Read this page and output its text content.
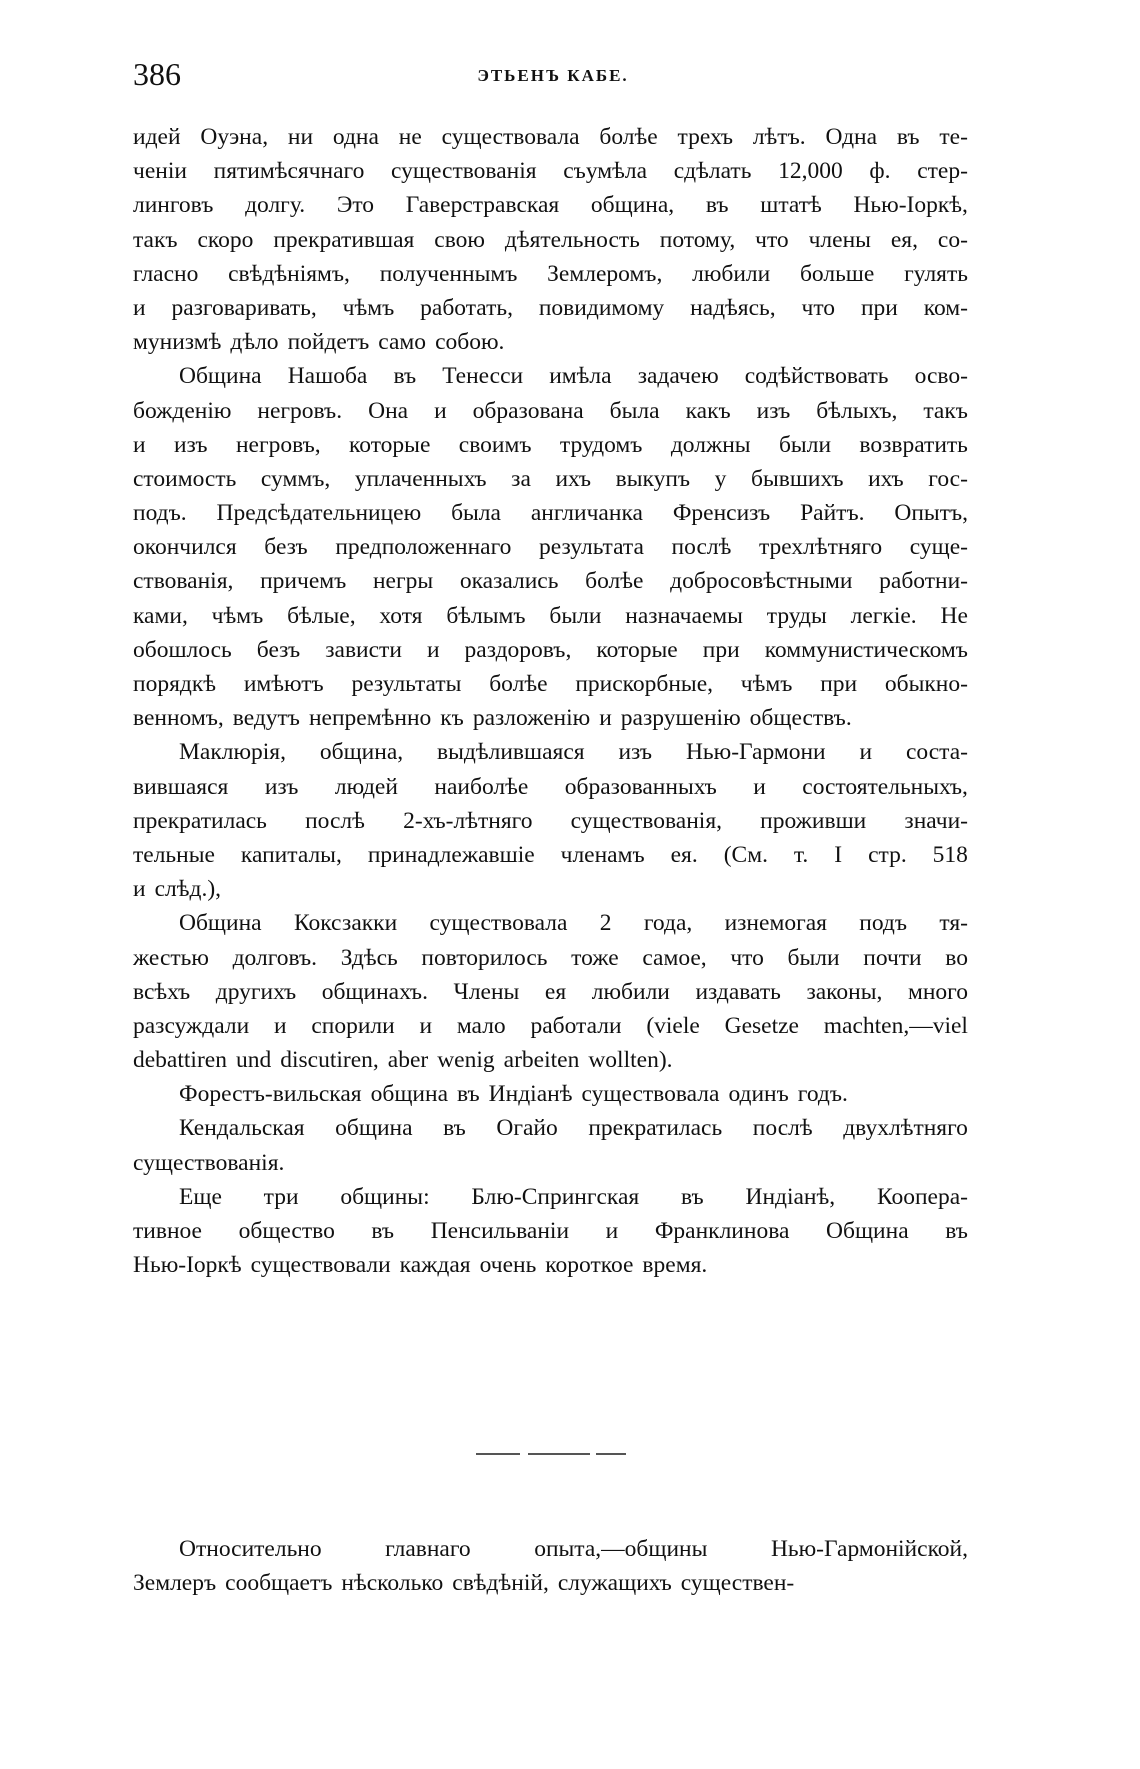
386	ЭТЬЕНЪ КАБЕ.
идей Оуэна, ни одна не существовала болѣе трехъ лѣтъ. Одна въ те-
ченіи пятимѣсячнаго существованія съумѣла сдѣлать 12,000 ф. стер-
линговъ долгу. Это Гаверстравская община, въ штатѣ Нью-Іоркѣ,
такъ скоро прекратившая свою дѣятельность потому, что члены ея, со-
гласно свѣдѣніямъ, полученнымъ Землеромъ, любили больше гулять
и разговаривать, чѣмъ работать, повидимому надѣясь, что при ком-
мунизмѣ дѣло пойдетъ само собою.
Община Нашоба въ Тенесси имѣла задачею содѣйствовать осво-
божденію негровъ. Она и образована была какъ изъ бѣлыхъ, такъ
и изъ негровъ, которые своимъ трудомъ должны были возвратить
стоимость суммъ, уплаченныхъ за ихъ выкупъ у бывшихъ ихъ гос-
подъ. Предсѣдательницею была англичанка Френсизъ Райтъ. Опытъ,
окончился безъ предположеннаго результата послѣ трехлѣтняго суще-
ствованія, причемъ негры оказались болѣе добросовѣстными работни-
ками, чѣмъ бѣлые, хотя бѣлымъ были назначаемы труды легкіе. Не
обошлось безъ зависти и раздоровъ, которые при коммунистическомъ
порядкѣ имѣютъ результаты болѣе прискорбные, чѣмъ при обыкно-
венномъ, ведутъ непремѣнно къ разложенію и разрушенію обществъ.
Маклюрія, община, выдѣлившаяся изъ Нью-Гармони и соста-
вившаяся изъ людей наиболѣе образованныхъ и состоятельныхъ,
прекратилась послѣ 2-хъ-лѣтняго существованія, проживши значи-
тельные капиталы, принадлежавшіе членамъ ея. (См. т. I стр. 518
и слѣд.),
Община Коксзакки существовала 2 года, изнемогая подъ тя-
жестью долговъ. Здѣсь повторилось тоже самое, что были почти во
всѣхъ другихъ общинахъ. Члены ея любили издавать законы, много
разсуждали и спорили и мало работали (viele Gesetze machten,—viel
debattiren und discutiren, aber wenig arbeiten wollten).
Форестъ-вильская община въ Индіанѣ существовала одинъ годъ.
Кендальская община въ Огайо прекратилась послѣ двухлѣтняго
существованія.
Еще три общины: Блю-Спрингская въ Индіанѣ, Коопера-
тивное общество въ Пенсильваніи и Франклинова Община въ
Нью-Іоркѣ существовали каждая очень короткое время.
Относительно	главнаго	опыта,—общины	Нью-Гармонійской,
Землеръ сообщаетъ нѣсколько свѣдѣній, служащихъ существен-
